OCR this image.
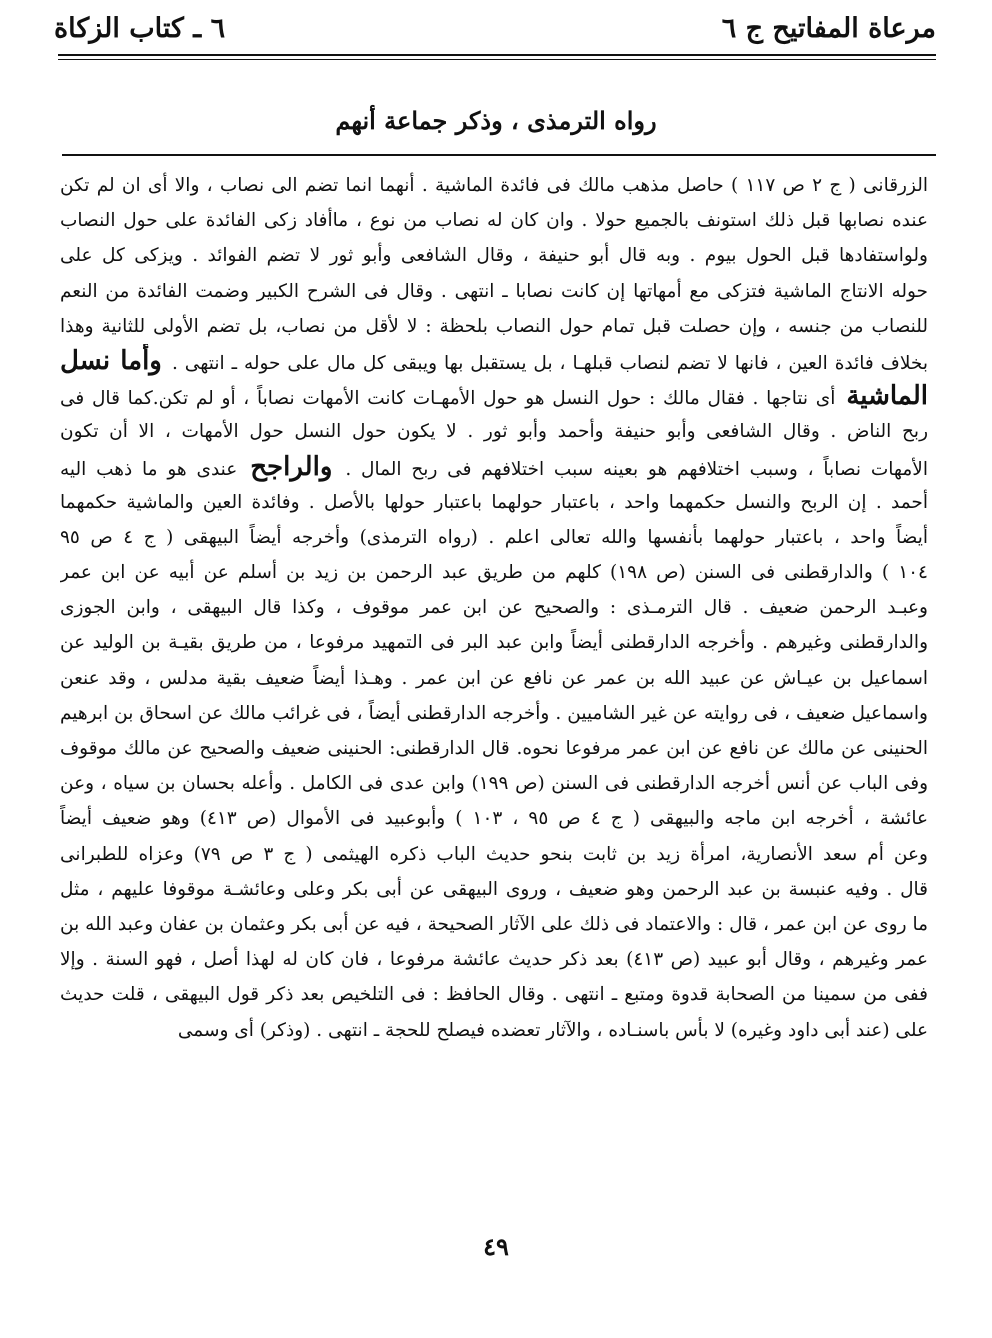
مرعاة المفاتيح ج ٦
٦ ـ كتاب الزكاة
رواه الترمذی ، وذكر جماعة أنهم
الزرقانی ( ج ٢ ص ١١٧ ) حاصل مذهب مالك فی فائدة الماشية . أنهما انما تضم الی نصاب ، والا أی ان لم تكن
عنده نصابها قبل ذلك استونف بالجميع حولا . وان كان له نصاب من نوع ، ماأفاد زكی الفائدة علی حول النصاب
ولواستفادها قبل الحول بيوم . وبه قال أبو حنيفة ، وقال الشافعی وأبو ثور لا تضم الفوائد . ويزكی كل علی
حوله الانتاج الماشية فتزكی مع أمهاتها إن كانت نصابا ـ انتهی . وقال فی الشرح الكبير وضمت الفائدة من النعم
للنصاب من جنسه ، وإن حصلت قبل تمام حول النصاب بلحظة : لا لأقل من نصاب، بل تضم الأولی للثانية وهذا
بخلاف فائدة العين ، فانها لا تضم لنصاب قبلهـا ، بل يستقبل بها ويبقی كل مال علی حوله ـ انتهی . وأما نسل
الماشية أی نتاجها . فقال مالك : حول النسل هو حول الأمهـات كانت الأمهات نصاباً ، أو لم تكن.كما قال فی
ربح الناض . وقال الشافعی وأبو حنيفة وأحمد وأبو ثور . لا يكون حول النسل حول الأمهات ، الا أن تكون
الأمهات نصاباً ، وسبب اختلافهم هو بعينه سبب اختلافهم فی ربح المال . والراجح عندی هو ما ذهب اليه
أحمد . إن الربح والنسل حكمهما واحد ، باعتبار حولهما باعتبار حولها بالأصل . وفائدة العين والماشية حكمهما
أيضاً واحد ، باعتبار حولهما بأنفسها والله تعالی اعلم . (رواه الترمذی) وأخرجه أيضاً البيهقی ( ج ٤ ص ٩٥
١٠٤ ) والدارقطنی فی السنن (ص ١٩٨) كلهم من طريق عبد الرحمن بن زيد بن أسلم عن أبيه عن ابن عمر
وعبـد الرحمن ضعيف . قال الترمـذی : والصحيح عن ابن عمر موقوف ، وكذا قال البيهقی ، وابن الجوزی
والدارقطنی وغيرهم . وأخرجه الدارقطنی أيضاً وابن عبد البر فی التمهيد مرفوعا ، من طريق بقيـة بن الوليد عن
اسماعيل بن عيـاش عن عبيد الله بن عمر عن نافع عن ابن عمر . وهـذا أيضاً ضعيف بقية مدلس ، وقد عنعن
واسماعيل ضعيف ، فی روايته عن غير الشاميين . وأخرجه الدارقطنی أيضاً ، فی غرائب مالك عن اسحاق بن ابرهيم
الحنينی عن مالك عن نافع عن ابن عمر مرفوعا نحوه. قال الدارقطنی: الحنينی ضعيف والصحيح عن مالك موقوف
وفی الباب عن أنس أخرجه الدارقطنی فی السنن (ص ١٩٩) وابن عدی فی الكامل . وأعله بحسان بن سياه ، وعن
عائشة ، أخرجه ابن ماجه والبيهقی ( ج ٤ ص ٩٥ ، ١٠٣ ) وأبوعبيد فی الأموال (ص ٤١٣) وهو ضعيف أيضاً
وعن أم سعد الأنصارية، امرأة زيد بن ثابت بنحو حديث الباب ذكره الهيثمی ( ج ٣ ص ٧٩) وعزاه للطبرانی
قال . وفيه عنبسة بن عبد الرحمن وهو ضعيف ، وروی البيهقی عن أبی بكر وعلی وعائشـة موقوفا عليهم ، مثل
ما روی عن ابن عمر ، قال : والاعتماد فی ذلك علی الآثار الصحيحة ، فيه عن أبی بكر وعثمان بن عفان وعبد الله بن
عمر وغيرهم ، وقال أبو عبيد (ص ٤١٣) بعد ذكر حديث عائشة مرفوعا ، فان كان له لهذا أصل ، فهو السنة . وإلا
ففی من سمينا من الصحابة قدوة ومتبع ـ انتهی . وقال الحافظ : فی التلخيص بعد ذكر قول البيهقی ، قلت حديث
علی (عند أبی داود وغيره) لا بأس باسنـاده ، والآثار تعضده فيصلح للحجة ـ انتهی . (وذكر) أی وسمی
٤٩
